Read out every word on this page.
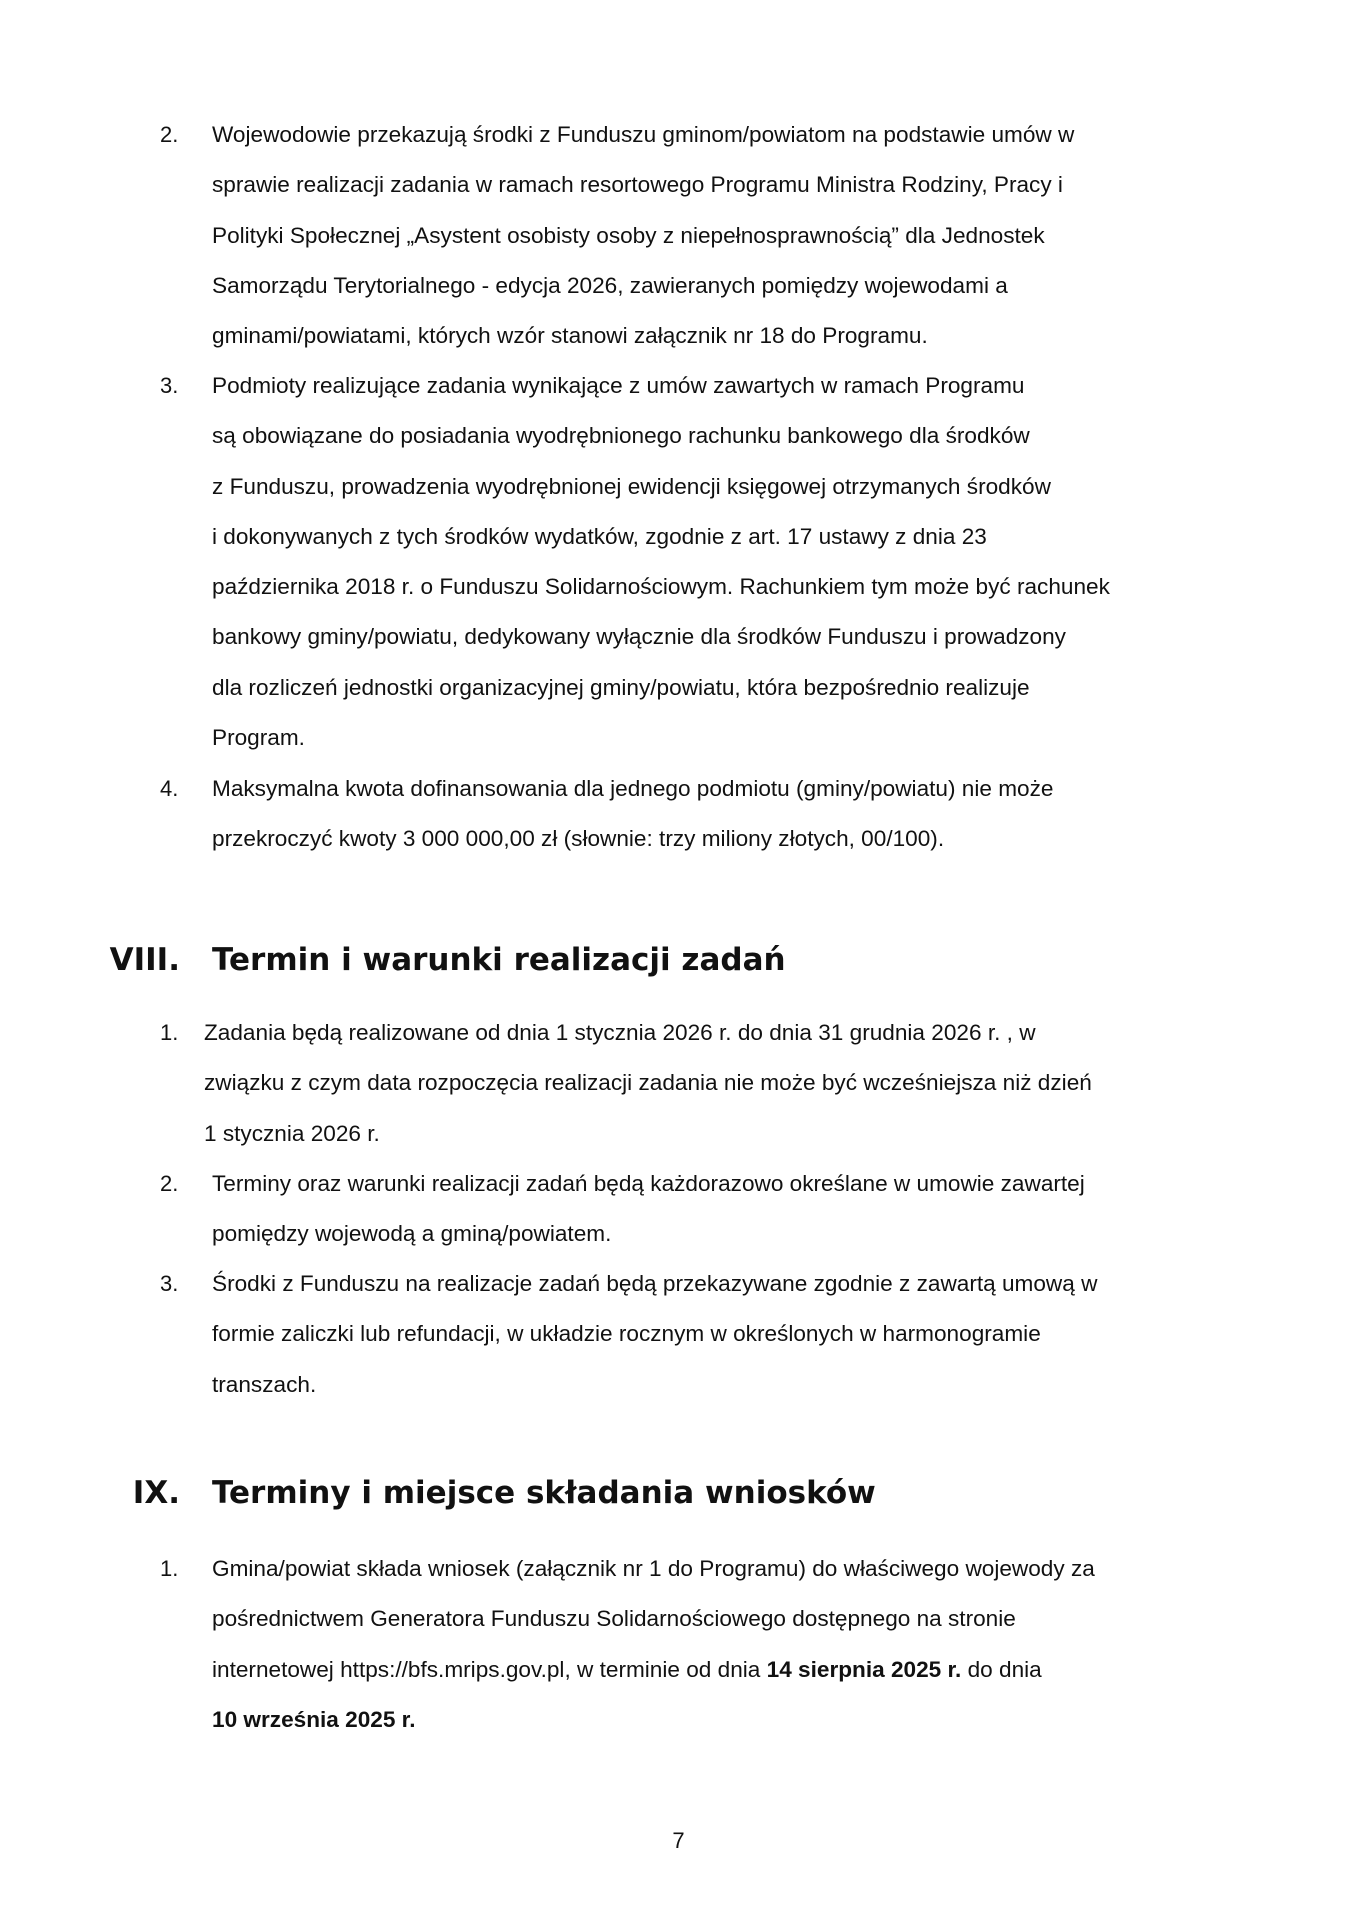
2.	Wojewodowie przekazują środki z Funduszu gminom/powiatom na podstawie umów w
sprawie realizacji zadania w ramach resortowego Programu Ministra Rodziny, Pracy i
Polityki Społecznej „Asystent osobisty osoby z niepełnosprawnością” dla Jednostek
Samorządu Terytorialnego - edycja 2026, zawieranych pomiędzy wojewodami a
gminami/powiatami, których wzór stanowi załącznik nr 18 do Programu.
3.	Podmioty realizujące zadania wynikające z umów zawartych w ramach Programu
są obowiązane do posiadania wyodrębnionego rachunku bankowego dla środków
z Funduszu, prowadzenia wyodrębnionej ewidencji księgowej otrzymanych środków
i dokonywanych z tych środków wydatków, zgodnie z art. 17 ustawy z dnia 23
października 2018 r. o Funduszu Solidarnościowym. Rachunkiem tym może być rachunek
bankowy gminy/powiatu, dedykowany wyłącznie dla środków Funduszu i prowadzony
dla rozliczeń jednostki organizacyjnej gminy/powiatu, która bezpośrednio realizuje
Program.
4.	Maksymalna kwota dofinansowania dla jednego podmiotu (gminy/powiatu) nie może
przekroczyć kwoty 3 000 000,00 zł (słownie: trzy miliony złotych, 00/100).
VIII. Termin i warunki realizacji zadań
1.	Zadania będą realizowane od dnia 1 stycznia 2026 r. do dnia 31 grudnia 2026 r. , w
związku z czym data rozpoczęcia realizacji zadania nie może być wcześniejsza niż dzień
1 stycznia 2026 r.
2.	Terminy oraz warunki realizacji zadań będą każdorazowo określane w umowie zawartej
pomiędzy wojewodą a gminą/powiatem.
3.	Środki z Funduszu na realizacje zadań będą przekazywane zgodnie z zawartą umową w
formie zaliczki lub refundacji, w układzie rocznym w określonych w harmonogramie
transzach.
IX. Terminy i miejsce składania wniosków
1.	Gmina/powiat składa wniosek (załącznik nr 1 do Programu) do właściwego wojewody za
pośrednictwem Generatora Funduszu Solidarnościowego dostępnego na stronie
internetowej https://bfs.mrips.gov.pl, w terminie od dnia 14 sierpnia 2025 r. do dnia
10 września 2025 r.
7
